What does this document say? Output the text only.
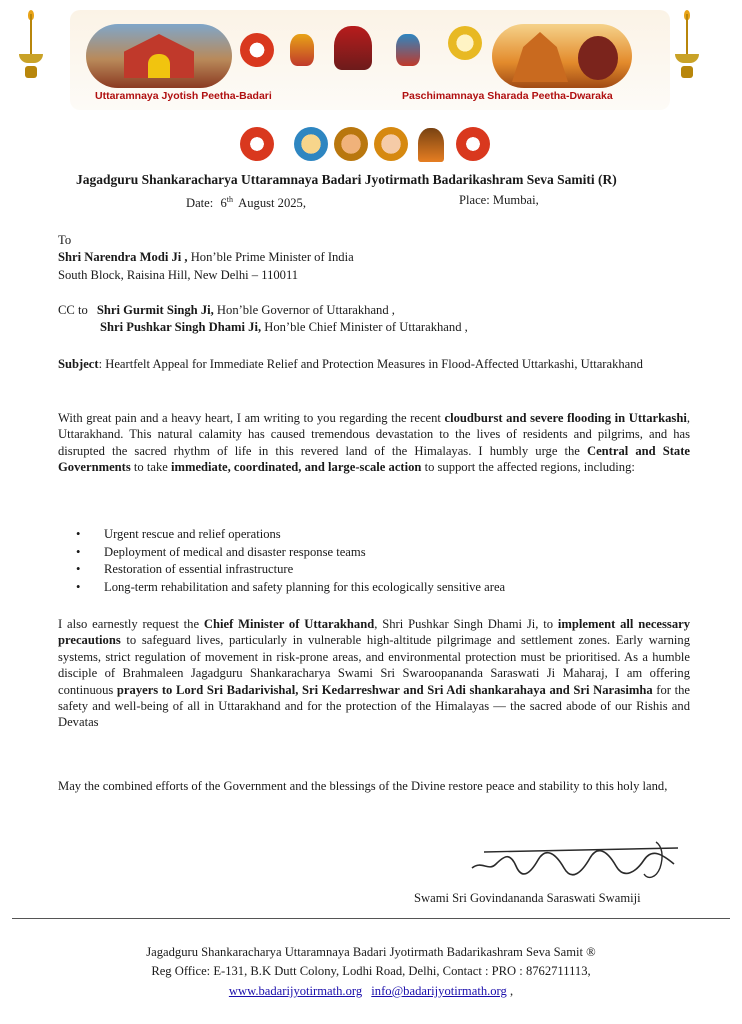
Uttaramnaya Jyotish Peetha-Badari	Paschimamnaya Sharada Peetha-Dwaraka
Jagadguru Shankaracharya Uttaramnaya Badari Jyotirmath Badarikashram Seva Samiti (R)
Date: 6th August 2025,	Place: Mumbai,
To
Shri Narendra Modi Ji , Hon’ble Prime Minister of India
South Block, Raisina Hill, New Delhi – 110011
CC to Shri Gurmit Singh Ji, Hon’ble Governor of Uttarakhand ,
Shri Pushkar Singh Dhami Ji, Hon’ble Chief Minister of Uttarakhand ,
Subject: Heartfelt Appeal for Immediate Relief and Protection Measures in Flood-Affected Uttarkashi, Uttarakhand
With great pain and a heavy heart, I am writing to you regarding the recent cloudburst and severe flooding in Uttarkashi, Uttarakhand. This natural calamity has caused tremendous devastation to the lives of residents and pilgrims, and has disrupted the sacred rhythm of life in this revered land of the Himalayas. I humbly urge the Central and State Governments to take immediate, coordinated, and large-scale action to support the affected regions, including:
• Urgent rescue and relief operations
• Deployment of medical and disaster response teams
• Restoration of essential infrastructure
• Long-term rehabilitation and safety planning for this ecologically sensitive area
I also earnestly request the Chief Minister of Uttarakhand, Shri Pushkar Singh Dhami Ji, to implement all necessary precautions to safeguard lives, particularly in vulnerable high-altitude pilgrimage and settlement zones. Early warning systems, strict regulation of movement in risk-prone areas, and environmental protection must be prioritised. As a humble disciple of Brahmaleen Jagadguru Shankaracharya Swami Sri Swaroopananda Saraswati Ji Maharaj, I am offering continuous prayers to Lord Sri Badarivishal, Sri Kedarreshwar and Sri Adi shankarahaya and Sri Narasimha for the safety and well-being of all in Uttarakhand and for the protection of the Himalayas — the sacred abode of our Rishis and Devatas
May the combined efforts of the Government and the blessings of the Divine restore peace and stability to this holy land,
Swami Sri Govindananda Saraswati Swamiji
Jagadguru Shankaracharya Uttaramnaya Badari Jyotirmath Badarikashram Seva Samit ®
Reg Office: E-131, B.K Dutt Colony, Lodhi Road, Delhi, Contact : PRO : 8762711113,
www.badarijyotirmath.org info@badarijyotirmath.org ,
